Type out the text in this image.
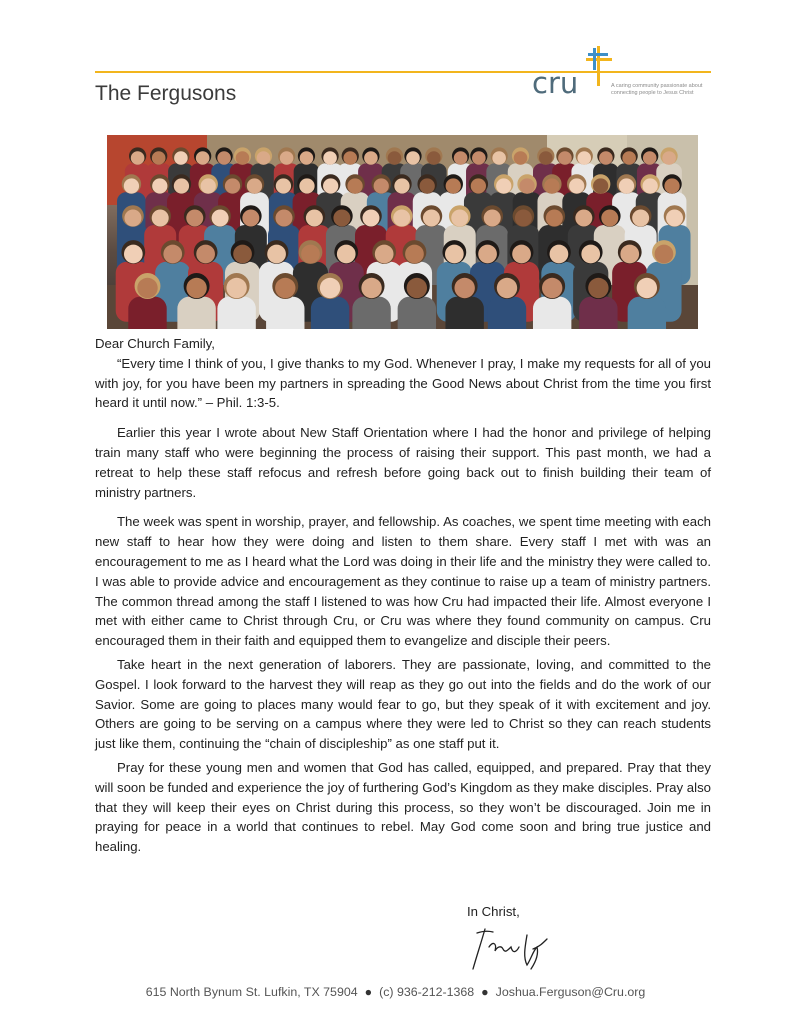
The Fergusons	cru	A caring community passionate about connecting people to Jesus Christ

Dear Church Family,

“Every time I think of you, I give thanks to my God. Whenever I pray, I make my requests for all of you with joy, for you have been my partners in spreading the Good News about Christ from the time you first heard it until now.” – Phil. 1:3-5.

Earlier this year I wrote about New Staff Orientation where I had the honor and privilege of helping train many staff who were beginning the process of raising their support. This past month, we had a retreat to help these staff refocus and refresh before going back out to finish building their team of ministry partners.

The week was spent in worship, prayer, and fellowship. As coaches, we spent time meeting with each new staff to hear how they were doing and listen to them share. Every staff I met with was an encouragement to me as I heard what the Lord was doing in their life and the ministry they were called to. I was able to provide advice and encouragement as they continue to raise up a team of ministry partners. The common thread among the staff I listened to was how Cru had impacted their life. Almost everyone I met with either came to Christ through Cru, or Cru was where they found community on campus. Cru encouraged them in their faith and equipped them to evangelize and disciple their peers.

Take heart in the next generation of laborers. They are passionate, loving, and committed to the Gospel. I look forward to the harvest they will reap as they go out into the fields and do the work of our Savior. Some are going to places many would fear to go, but they speak of it with excitement and joy. Others are going to be serving on a campus where they were led to Christ so they can reach students just like them, continuing the “chain of discipleship” as one staff put it.

Pray for these young men and women that God has called, equipped, and prepared. Pray that they will soon be funded and experience the joy of furthering God’s Kingdom as they make disciples. Pray also that they will keep their eyes on Christ during this process, so they won’t be discouraged. Join me in praying for peace in a world that continues to rebel. May God come soon and bring true justice and healing.

In Christ,
615 North Bynum St. Lufkin, TX 75904 ● (c) 936-212-1368 ● Joshua.Ferguson@Cru.org
